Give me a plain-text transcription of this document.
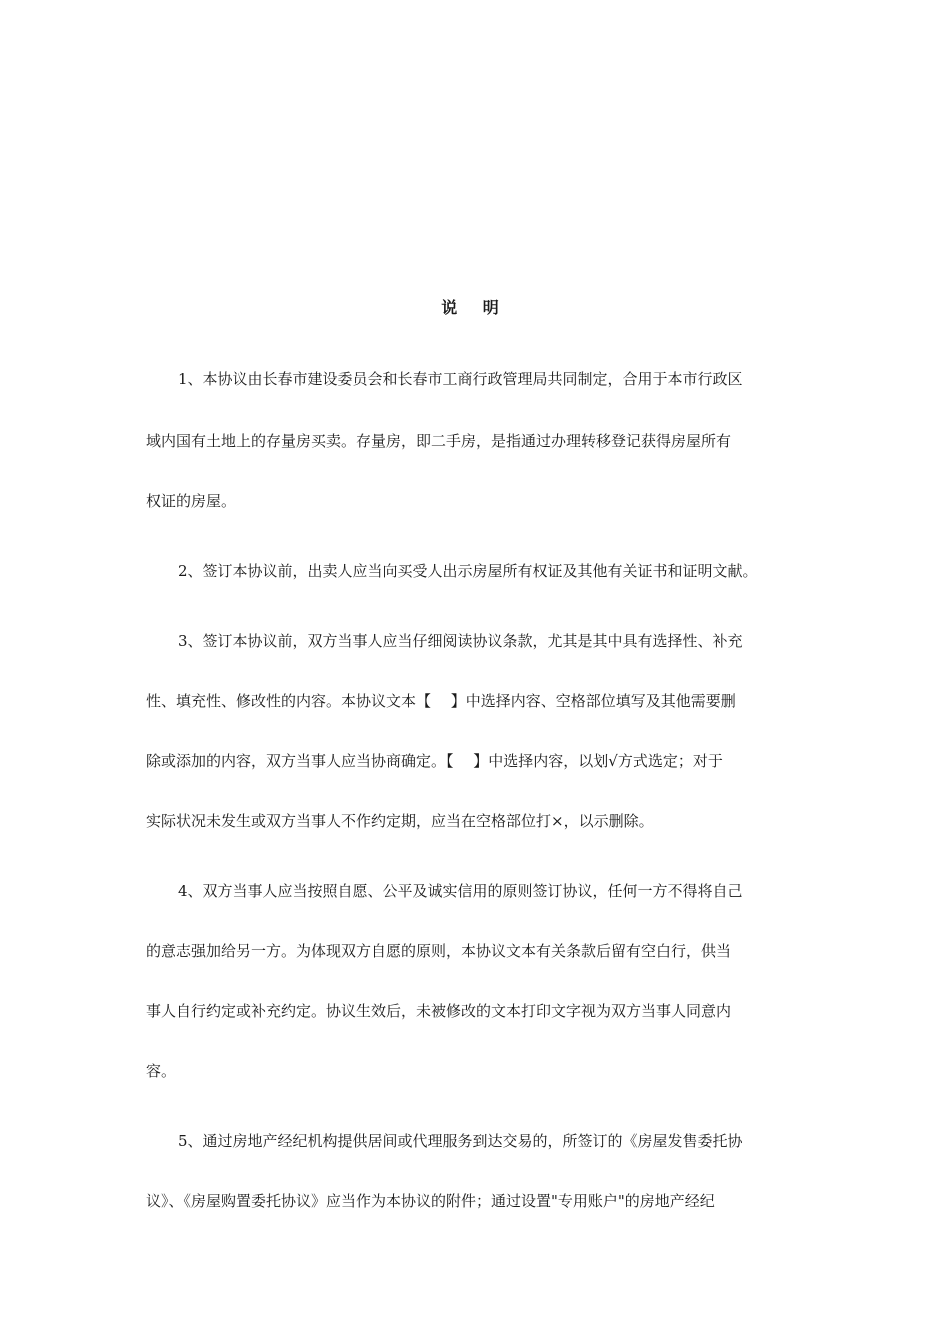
说 明
1、本协议由长春市建设委员会和长春市工商行政管理局共同制定，合用于本市行政区
域内国有土地上的存量房买卖。存量房，即二手房，是指通过办理转移登记获得房屋所有
权证的房屋。
2、签订本协议前，出卖人应当向买受人出示房屋所有权证及其他有关证书和证明文献。
3、签订本协议前，双方当事人应当仔细阅读协议条款，尤其是其中具有选择性、补充
性、填充性、修改性的内容。本协议文本【　 】中选择内容、空格部位填写及其他需要删
除或添加的内容，双方当事人应当协商确定。【　 】中选择内容，以划√方式选定；对于
实际状况未发生或双方当事人不作约定期，应当在空格部位打×，以示删除。
4、双方当事人应当按照自愿、公平及诚实信用的原则签订协议，任何一方不得将自己
的意志强加给另一方。为体现双方自愿的原则，本协议文本有关条款后留有空白行，供当
事人自行约定或补充约定。协议生效后，未被修改的文本打印文字视为双方当事人同意内
容。
5、通过房地产经纪机构提供居间或代理服务到达交易的，所签订的《房屋发售委托协
议》、《房屋购置委托协议》应当作为本协议的附件；通过设置"专用账户"的房地产经纪
